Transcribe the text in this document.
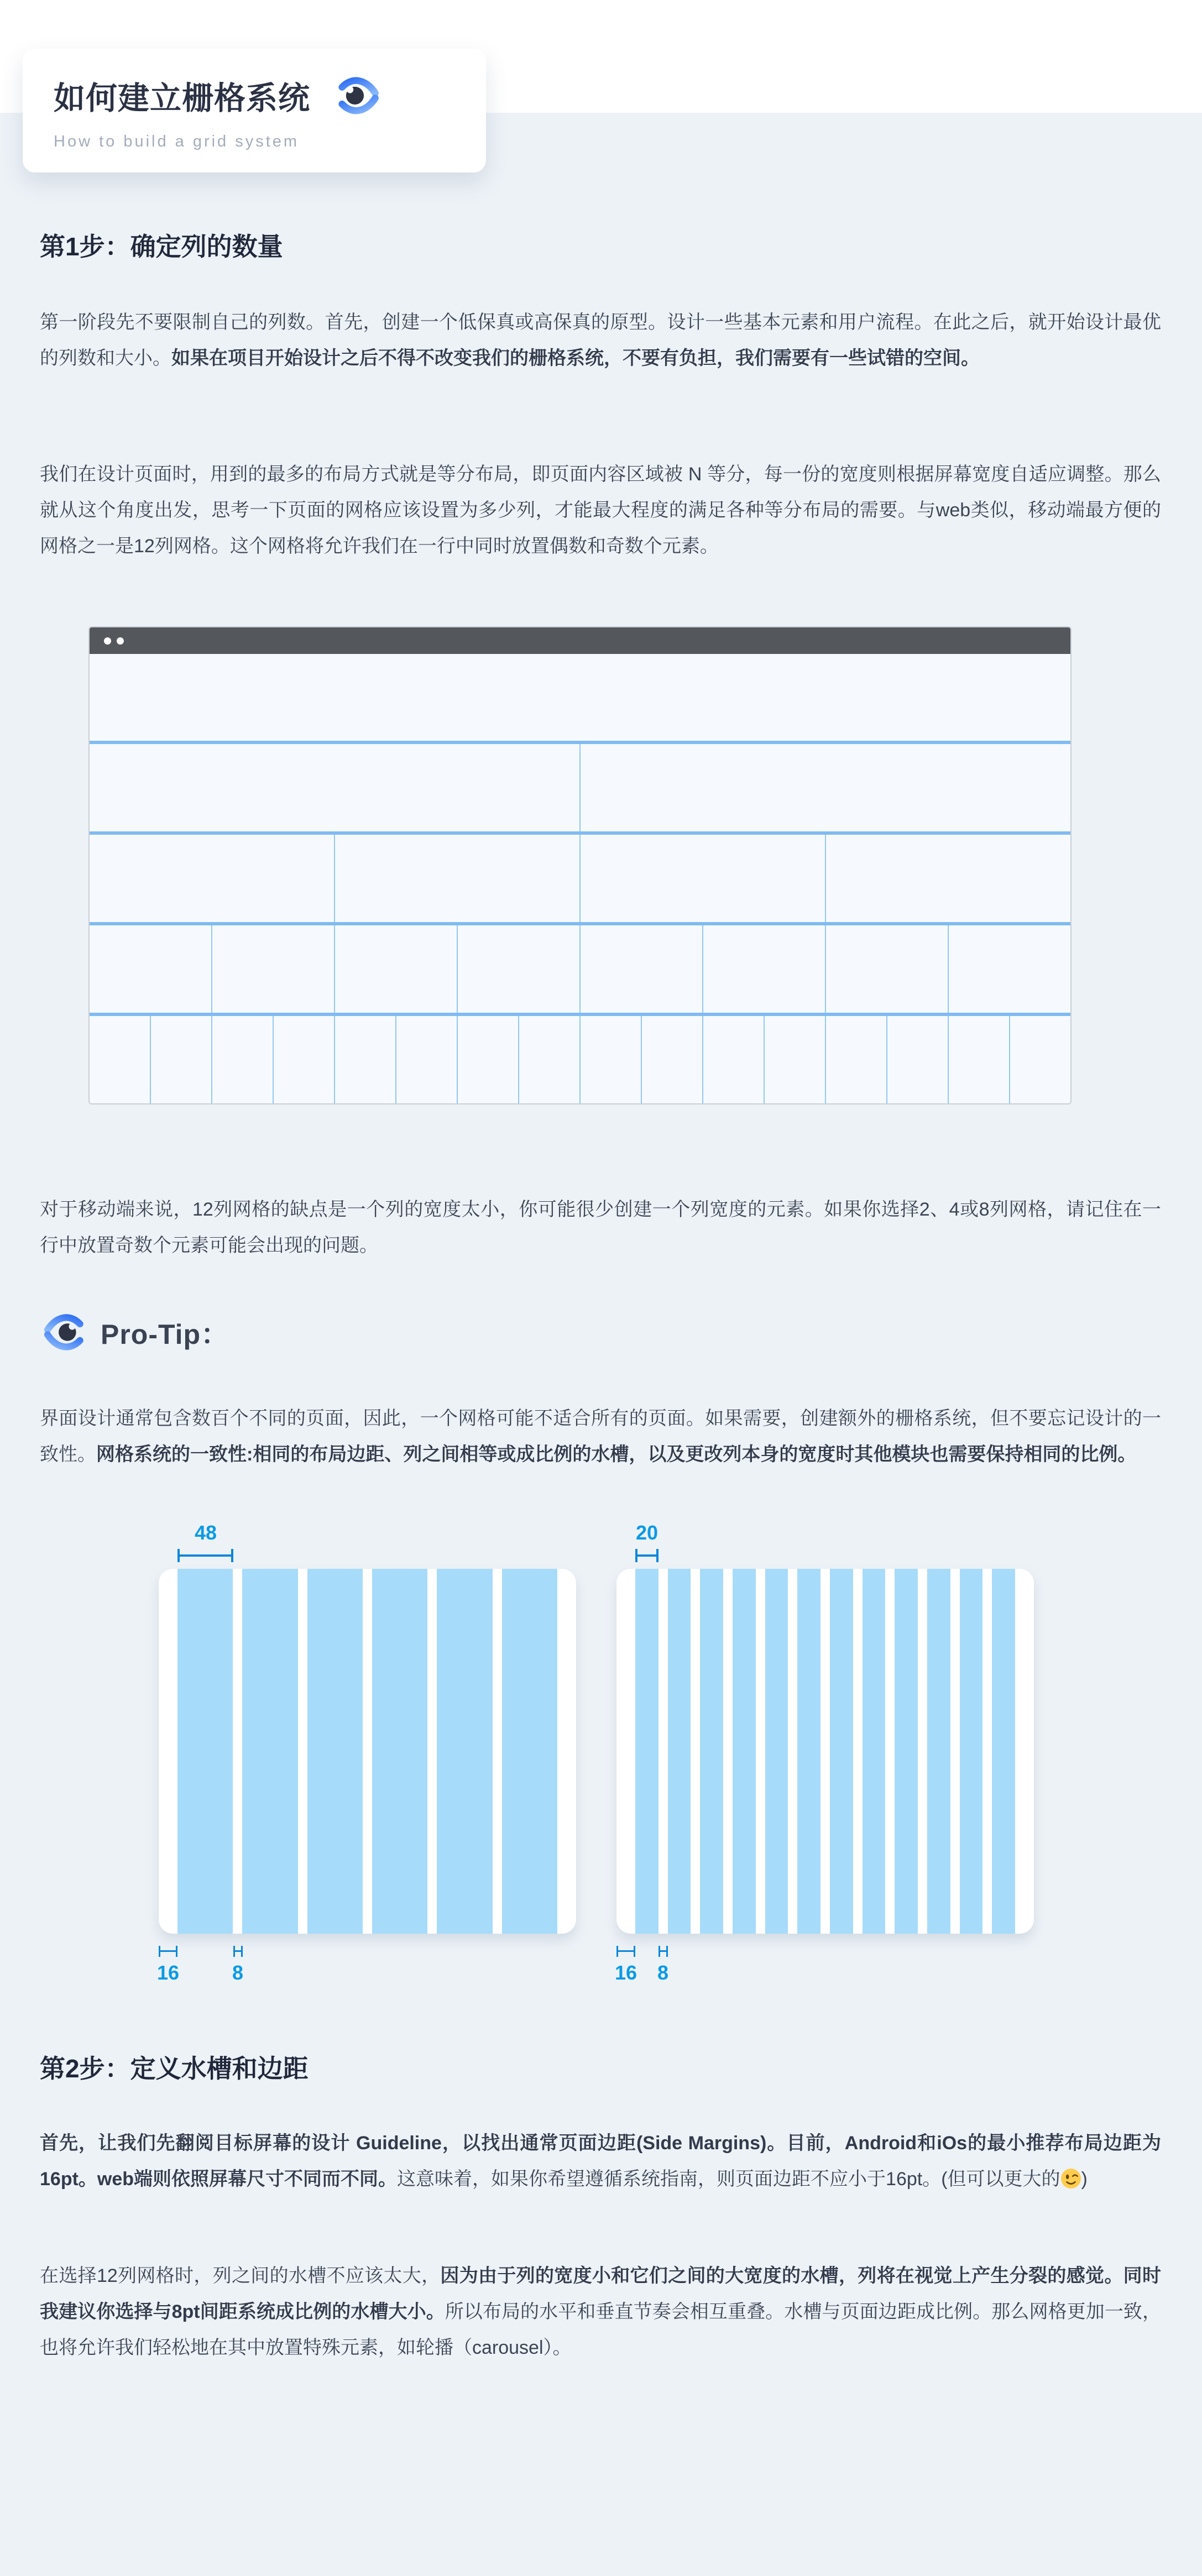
如何建立栅格系统
How to build a grid system
第1步：确定列的数量

第一阶段先不要限制自己的列数。首先，创建一个低保真或高保真的原型。设计一些基本元素和用户流程。在此之后，就开始设计最优的列数和大小。如果在项目开始设计之后不得不改变我们的栅格系统，不要有负担，我们需要有一些试错的空间。

我们在设计页面时，用到的最多的布局方式就是等分布局，即页面内容区域被 N 等分，每一份的宽度则根据屏幕宽度自适应调整。那么就从这个角度出发，思考一下页面的网格应该设置为多少列，才能最大程度的满足各种等分布局的需要。与web类似，移动端最方便的网格之一是12列网格。这个网格将允许我们在一行中同时放置偶数和奇数个元素。

对于移动端来说，12列网格的缺点是一个列的宽度太小，你可能很少创建一个列宽度的元素。如果你选择2、4或8列网格，请记住在一行中放置奇数个元素可能会出现的问题。

Pro-Tip：

界面设计通常包含数百个不同的页面，因此，一个网格可能不适合所有的页面。如果需要，创建额外的栅格系统，但不要忘记设计的一致性。网格系统的一致性:相同的布局边距、列之间相等或成比例的水槽，以及更改列本身的宽度时其他模块也需要保持相同的比例。

48
16	8
20
16 8
第2步：定义水槽和边距

首先，让我们先翻阅目标屏幕的设计 Guideline，以找出通常页面边距(Side Margins)。目前，Android和iOs的最小推荐布局边距为16pt。web端则依照屏幕尺寸不同而不同。这意味着，如果你希望遵循系统指南，则页面边距不应小于16pt。(但可以更大的 )

在选择12列网格时，列之间的水槽不应该太大，因为由于列的宽度小和它们之间的大宽度的水槽，列将在视觉上产生分裂的感觉。同时我建议你选择与8pt间距系统成比例的水槽大小。所以布局的水平和垂直节奏会相互重叠。水槽与页面边距成比例。那么网格更加一致，也将允许我们轻松地在其中放置特殊元素，如轮播（carousel）。
